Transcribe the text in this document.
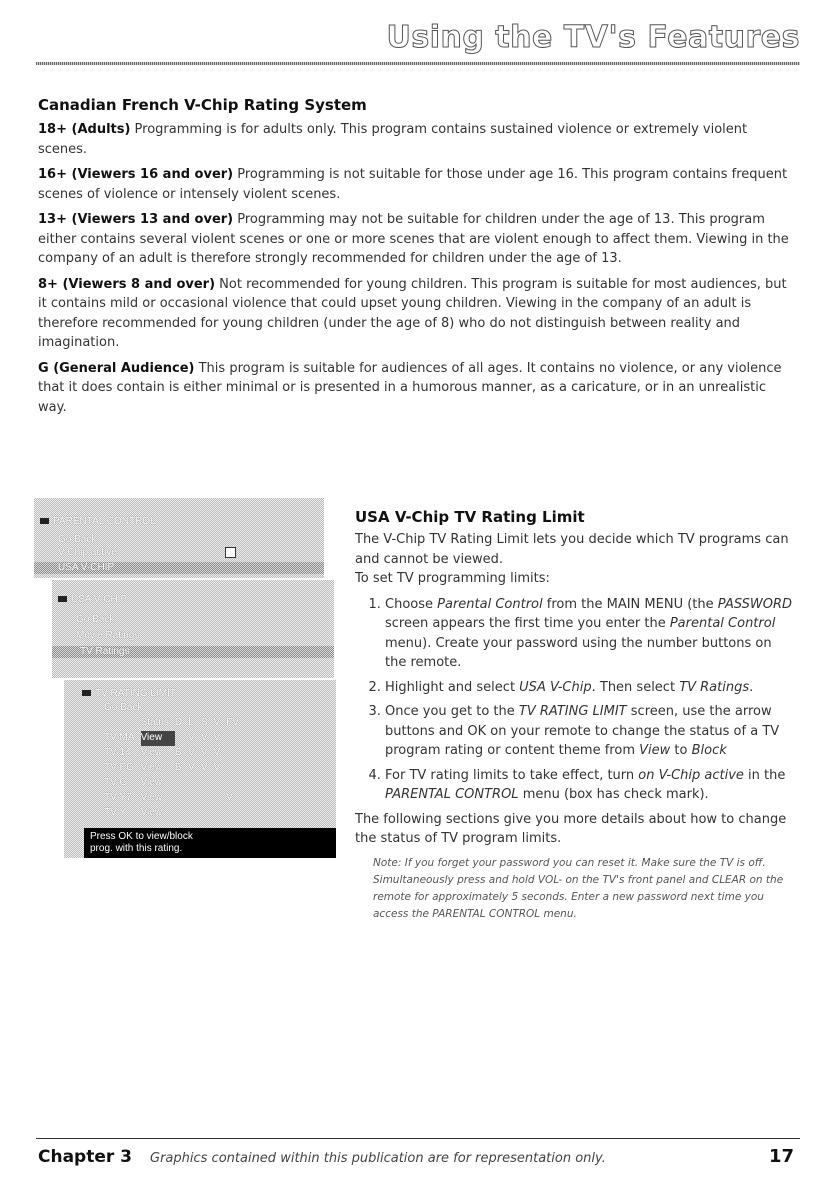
Using the TV's Features
Canadian French V-Chip Rating System

18+ (Adults) Programming is for adults only. This program contains sustained violence or extremely violent scenes.

16+ (Viewers 16 and over) Programming is not suitable for those under age 16. This program contains frequent scenes of violence or intensely violent scenes.

13+ (Viewers 13 and over) Programming may not be suitable for children under the age of 13. This program either contains several violent scenes or one or more scenes that are violent enough to affect them. Viewing in the company of an adult is therefore strongly recommended for children under the age of 13.

8+ (Viewers 8 and over) Not recommended for young children. This program is suitable for most audiences, but it contains mild or occasional violence that could upset young children. Viewing in the company of an adult is therefore recommended for young children (under the age of 8) who do not distinguish between reality and imagination.

G (General Audience) This program is suitable for audiences of all ages. It contains no violence, or any violence that it does contain is either minimal or is presented in a humorous manner, as a caricature, or in an unrealistic way.

PARENTAL CONTROL
Go Back
V-Chip active
USA V-CHIP
USA V-CHIP
Go Back
Movie Ratings
TV Ratings
TV RATING LIMIT
Go Back
	Status	D	L	S	V	FV
TV-MA	View		V	V	V	
TV-14	View	B	V	V	V	
TV-PG	View	B	V	V	V	
TV-G	View					
TV-Y7	View					V
TV-Y	View					
Press OK to view/block
prog. with this rating.
USA V-Chip TV Rating Limit

The V-Chip TV Rating Limit lets you decide which TV programs can and cannot be viewed.

To set TV programming limits:

1. Choose Parental Control from the MAIN MENU (the PASSWORD screen appears the first time you enter the Parental Control menu). Create your password using the number buttons on the remote.
2. Highlight and select USA V-Chip. Then select TV Ratings.
3. Once you get to the TV RATING LIMIT screen, use the arrow buttons and OK on your remote to change the status of a TV program rating or content theme from View to Block
4. For TV rating limits to take effect, turn on V-Chip active in the PARENTAL CONTROL menu (box has check mark).

The following sections give you more details about how to change the status of TV program limits.

Note: If you forget your password you can reset it. Make sure the TV is off. Simultaneously press and hold VOL- on the TV's front panel and CLEAR on the remote for approximately 5 seconds. Enter a new password next time you access the PARENTAL CONTROL menu.
Chapter 3 Graphics contained within this publication are for representation only.	17
